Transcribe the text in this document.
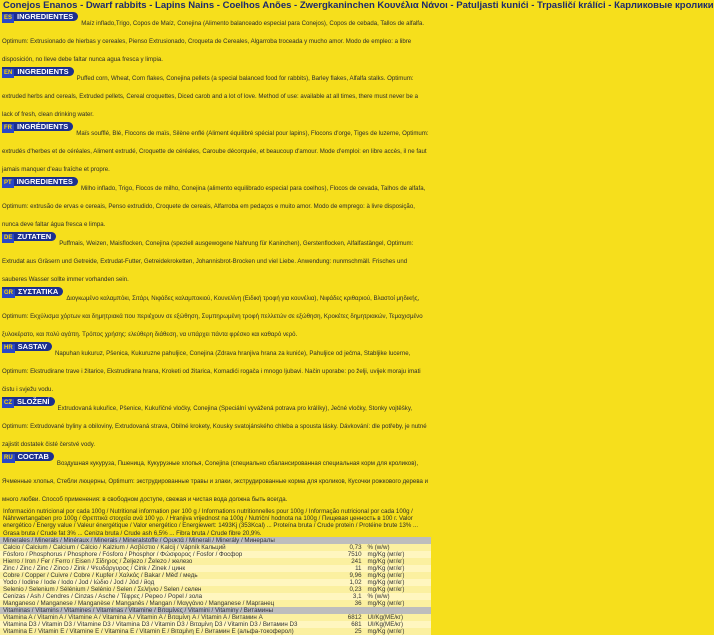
Conejos Enanos - Dwarf rabbits - Lapins Nains - Coelhos Anões - Zwergkaninchen Κουνέλια Νάνοι - Patuljasti kunići - Trpasličí králíci - Карликовые кролики
ES INGREDIENTES
Maíz inflado,Trigo, Copos de Maíz, Conejina (Alimento balanceado especial para Conejos), Copos de cebada, Tallos de alfalfa. Optimum: Extrusionado de hierbas y cereales, Pienso Extrusionado, Croqueta de Cereales, Algarroba troceada y mucho amor. Modo de empleo: a libre disposición, no lleve debe faltar nunca agua fresca y limpia.
EN INGREDIENTS
Puffed corn, Wheat, Corn flakes, Conejina pellets (a special balanced food for rabbits), Barley flakes, Alfalfa stalks. Optimum: extruded herbs and cereals, Extruded pellets, Cereal croquettes, Diced carob and a lot of love. Method of use: available at all times, there must never be a lack of fresh, clean drinking water.
FR INGRÉDIENTS
Maïs soufflé, Blé, Flocons de maïs, Silène enflé (Aliment équilibré spécial pour lapins), Flocons d'orge, Tiges de luzerne, Optimum: extrudés d'herbes et de céréales, Aliment extrudé, Croquette de céréales, Caroube décorquée, et beaucoup d'amour. Mode d'emploi: en libre accès, il ne faut jamais manquer d'eau fraîche et propre.
PT INGREDIENTES
Milho inflado, Trigo, Flocos de milho, Conejina (alimento equilibrado especial para coelhos), Flocos de cevada, Talhos de alfafa, Optimum: extrusão de ervas e cereais, Penso extrudido, Croquete de cereais, Alfarroba em pedaços e muito amor. Modo de emprego: à livre disposição, nunca deve faltar água fresca e limpa.
DE ZUTATEN
Puffmais, Weizen, Maisflocken, Conejina (speziell ausgewogene Nahrung für Kaninchen), Gerstenflocken, Alfalfastängel, Optimum: Extrudat aus Gräsern und Getreide, Extrudat-Futter, Getreidekroketten, Johannisbrot-Brocken und viel Liebe. Anwendung: nunmschmäll. Frisches und sauberes Wasser sollte immer vorhanden sein.
GR ΣΥΣΤΑΤΙΚΑ
Διογκωμένο καλαμπόκι, Σιτάρι, Νιφάδες καλαμποκιού, Κουνελίνη (Ειδική τροφή για κουνέλια), Νιφάδες κριθαριού, Βλαστοί μηδικής, Optimum: Εκχύλισμα χόρτων και δημητριακά που περιέχουν σε εξώθηση, Συμπηρωμένη τροφή πελλετών σε εξώθηση, Κροκέτες δημητριακών, Τεμαχισμένο ξυλοκέρατο, και πολύ αγάπη. Τρόπος χρήσης: ελεύθερη διάθεση, να υπάρχει πάντα φρέσκο και καθαρό νερό.
HR SASTAV
Napuhan kukuruz, Pšenica, Kukuruzne pahuljice, Conejina (Zdrava hranjiva hrana za kuniće), Pahuljice od ječma, Stabljike lucerne, Optimum: Ekstrudirane trave i žitarice, Ekstrudirana hrana, Kroketi od žitarica, Komadići rogača i mnogo ljubavi. Način uporabe: po želji, uvijek moraju imati čistu i svježu vodu.
CZ SLOŽENÍ
Extrudovaná kukuřice, Pšenice, Kukuřičné vločky, Conejina (Speciální vyvážená potrava pro králíky), Ječné vločky, Stonky vojtěšky, Optimum: Extrudované byliny a obiloviny, Extrudovaná strava, Obilné krokety, Kousky svatojánského chleba a spousta lásky. Dávkování: dle potřeby, je nutné zajistit dostatek čisté čerstvé vody.
RU СОСТАВ
Воздушная кукуруза, Пшеница, Кукурузные хлопья, Conejina (специально сбалансированная специальная корм для кроликов), Ячменные хлопья, Стебли люцерны, Optimum: экструдированные травы и злаки, экструдированные корма для кроликов, Кусочки рожкового дерева и много любви. Способ применения: в свободном доступе, свежая и чистая вода должна быть всегда.
Información nutricional por cada 100g / Nutritional information per 100 g / Informations nutritionnelles pour 100g / Informação nutricional por cada 100g / Nährwertangaben pro 100g / Θρεπτικά στοιχεία ανά 100 γρ. / Hranjiva vrijednost na 100g / Nutriční hodnota na 100g / Пищевая ценность в 100 г. Valor energético / Energy value / Valeur énergétique / Valor energético / Energiewert: 1493Kj (353Kcal) ... Proteína bruta / Crude protein / Protéine brute 13% ... Grasa bruta / Crude fat 3% ... Ceniza bruta / Crude ash 6,5% ... Fibra bruta / Crude fibre 20,9%.
Minerales / Minerals / Minéraux / Minerais / Mineralstoffe / Ορυκτά / Minerali / Minerály / Минералы		
Calcio / Calcium / Calcium / Cálcio / Kalzium / Ασβέστιο / Kalcij / Vápník Кальций	0,73	% (w/w)
Fósforo / Phosphorus / Phosphore / Fósforo / Phosphor / Φώσφορος / Fosfor / Фосфор	7510	mg/Kg (мг/кг)
Hierro / Iron / Fer / Ferro / Eisen / Σίδηρος / Željezo / Železo / железо	241	mg/Kg (мг/кг)
Zinc / Zinc / Zinc / Zinco / Zink / Ψευδάργυρος / Cink / Zinek / цинк	11	mg/Kg (мг/кг)
Cobre / Copper / Cuivre / Cobre / Kupfer / Χαλκός / Bakar / Měď / медь	9,96	mg/Kg (мг/кг)
Yodo / Iodine / Iode / Iodo / Jod / Ιώδιο / Jod / Jód / йод	1,02	mg/Kg (мг/кг)
Selenio / Selenium / Sélénium / Selénio / Selen / Σελήνιο / Selen / селен	0,23	mg/Kg (мг/кг)
Cenizas / Ash / Cendres / Cinzas / Asche / Τέφρες / Pepeo / Popel / зола	3,1	% (w/w)
Manganeso / Manganese / Manganèse / Manganês / Mangan / Μαγγάνιο / Manganese / Марганец	36	mg/Kg (мг/кг)
Vitaminas / Vitamins / Vitamines / Vitaminas / Vitamine / Βιταμίνες / Vitamini / Vitaminy / Витамины		
Vitamina A / Vitamin A / Vitamine A / Vitamina A / Vitamin A / Βιταμίνη A / Vitamin A / Витамин A	6812	UI/Kg(МЕ/кг)
Vitamina D3 / Vitamin D3 / Vitamine D3 / Vitamina D3 / Vitamin D3 / Βιταμίνη D3 / Vitamin D3 / Витамин D3	681	UI/Kg(МЕ/кг)
Vitamina E / Vitamin E / Vitamine E / Vitamina E / Vitamin E / Βιταμίνη E / Витамин E (альфа-токоферол)	25	mg/Kg (мг/кг)
